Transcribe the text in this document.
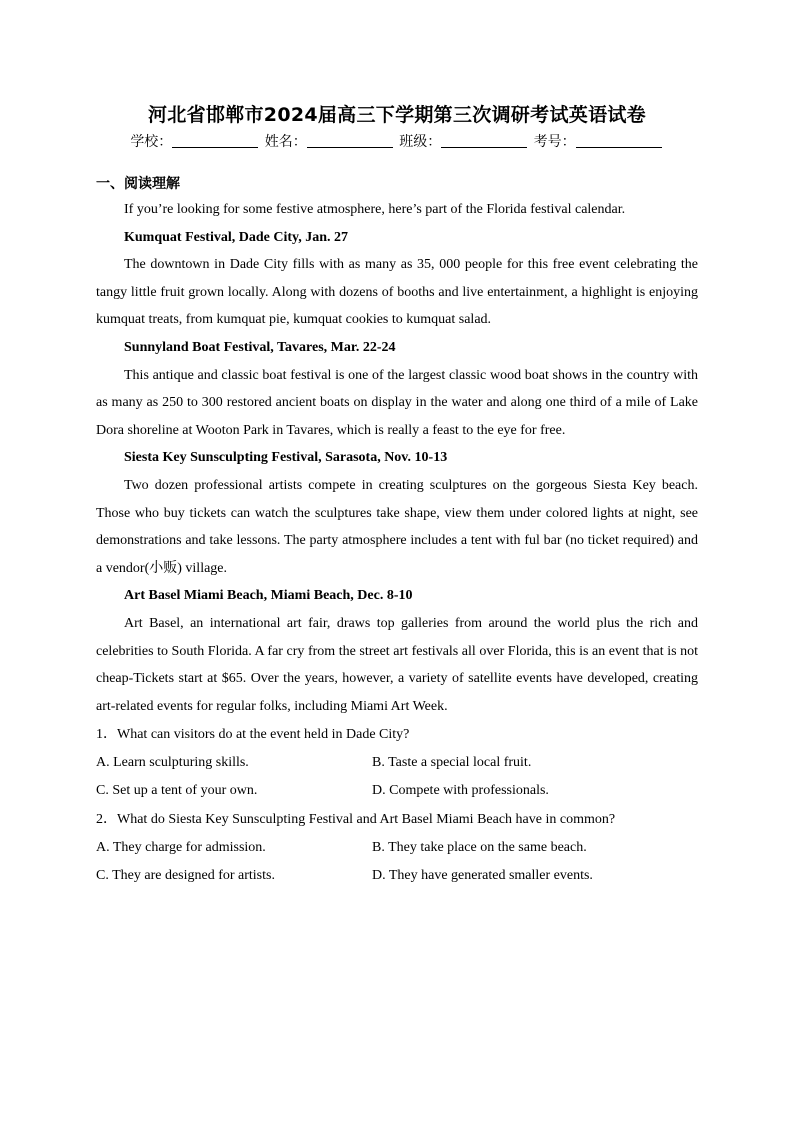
河北省邯郸市2024届高三下学期第三次调研考试英语试卷
学校：	姓名：	班级：	考号：
一、阅读理解

If you’re looking for some festive atmosphere, here’s part of the Florida festival calendar.

Kumquat Festival, Dade City, Jan. 27

The downtown in Dade City fills with as many as 35, 000 people for this free event celebrating the tangy little fruit grown locally. Along with dozens of booths and live entertainment, a highlight is enjoying kumquat treats, from kumquat pie, kumquat cookies to kumquat salad.

Sunnyland Boat Festival, Tavares, Mar. 22-24

This antique and classic boat festival is one of the largest classic wood boat shows in the country with as many as 250 to 300 restored ancient boats on display in the water and along one third of a mile of Lake Dora shoreline at Wooton Park in Tavares, which is really a feast to the eye for free.

Siesta Key Sunsculpting Festival, Sarasota, Nov. 10-13

Two dozen professional artists compete in creating sculptures on the gorgeous Siesta Key beach. Those who buy tickets can watch the sculptures take shape, view them under colored lights at night, see demonstrations and take lessons. The party atmosphere includes a tent with ful bar (no ticket required) and a vendor(小贩) village.

Art Basel Miami Beach, Miami Beach, Dec. 8-10

Art Basel, an international art fair, draws top galleries from around the world plus the rich and celebrities to South Florida. A far cry from the street art festivals all over Florida, this is an event that is not cheap-Tickets start at $65. Over the years, however, a variety of satellite events have developed, creating art-related events for regular folks, including Miami Art Week.

1．What can visitors do at the event held in Dade City?
A. Learn sculpturing skills.	B. Taste a special local fruit.
C. Set up a tent of your own.	D. Compete with professionals.
2．What do Siesta Key Sunsculpting Festival and Art Basel Miami Beach have in common?
A. They charge for admission.	B. They take place on the same beach.
C. They are designed for artists.	D. They have generated smaller events.
